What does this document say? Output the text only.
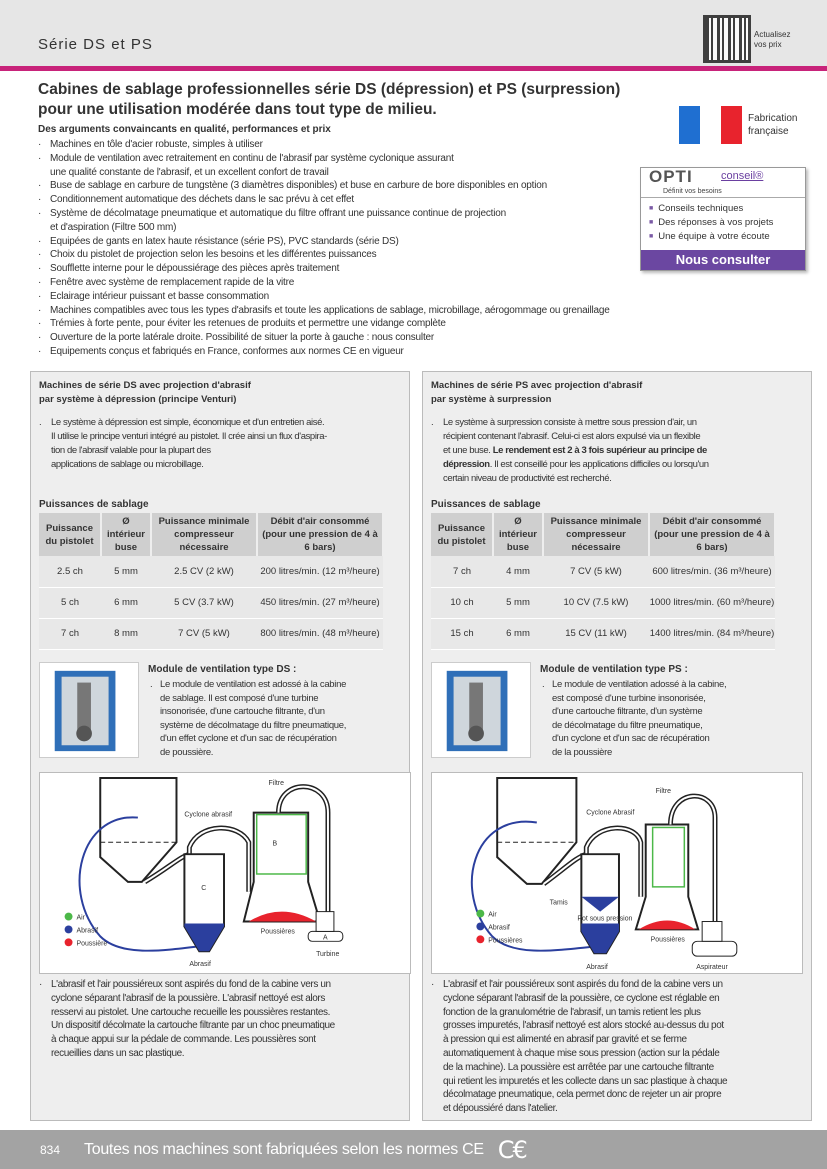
Série DS et PS
Actualisez vos prix
Cabines de sablage professionnelles série DS (dépression) et PS (surpression) pour une utilisation modérée dans tout type de milieu.
Des arguments convaincants en qualité, performances et prix
· Machines en tôle d'acier robuste, simples à utiliser
· Module de ventilation avec retraitement en continu de l'abrasif par système cyclonique assurant
une qualité constante de l'abrasif, et un excellent confort de travail
· Buse de sablage en carbure de tungstène (3 diamètres disponibles) et buse en carbure de bore disponibles en option
· Conditionnement automatique des déchets dans le sac prévu à cet effet
· Système de décolmatage pneumatique et automatique du filtre offrant une puissance continue de projection
et d'aspiration (Filtre 500 mm)
· Equipées de gants en latex haute résistance (série PS), PVC standards (série DS)
· Choix du pistolet de projection selon les besoins et les différentes puissances
· Soufflette interne pour le dépoussiérage des pièces après traitement
· Fenêtre avec système de remplacement rapide de la vitre
· Eclairage intérieur puissant et basse consommation
· Machines compatibles avec tous les types d'abrasifs et toute les applications de sablage, microbillage, aérogommage ou grenaillage
· Trémies à forte pente, pour éviter les retenues de produits et permettre une vidange complète
· Ouverture de la porte latérale droite. Possibilité de situer la porte à gauche : nous consulter
· Equipements conçus et fabriqués en France, conformes aux normes CE en vigueur
Fabrication française
OPTI	conseil®
Définit vos besoins
■ Conseils techniques
■ Des réponses à vos projets
■ Une équipe à votre écoute
Nous consulter
Machines de série DS avec projection d'abrasif
par système à dépression (principe Venturi)
. Le système à dépression est simple, économique et d'un entretien aisé.
Il utilise le principe venturi intégré au pistolet. Il crée ainsi un flux d'aspira-
tion de l'abrasif valable pour la plupart des
applications de sablage ou microbillage.
Puissances de sablage
Puissance du pistolet	Ø intérieur buse	Puissance minimale compresseur nécessaire	Débit d'air consommé (pour une pression de 4 à 6 bars)
2.5 ch	5 mm	2.5 CV (2 kW)	200 litres/min. (12 m³/heure)
5 ch	6 mm	5 CV (3.7 kW)	450 litres/min. (27 m³/heure)
7 ch	8 mm	7 CV (5 kW)	800 litres/min. (48 m³/heure)
Module de ventilation type DS :
. Le module de ventilation est adossé à la cabine
de sablage. Il est composé d'une turbine
insonorisée, d'une cartouche filtrante, d'un
système de décolmatage du filtre pneumatique,
d'un effet cyclone et d'un sac de récupération
de poussière.
Air
Abrasif
Poussière
Filtre
Cyclone abrasif
B
C
A
Poussières
Turbine
Abrasif
· L'abrasif et l'air poussiéreux sont aspirés du fond de la cabine vers un
cyclone séparant l'abrasif de la poussière. L'abrasif nettoyé est alors
resservi au pistolet. Une cartouche recueille les poussières restantes.
Un dispositif décolmate la cartouche filtrante par un choc pneumatique
à chaque appui sur la pédale de commande. Les poussières sont
recueillies dans un sac plastique.
Machines de série PS avec projection d'abrasif
par système à surpression
. Le système à surpression consiste à mettre sous pression d'air, un
récipient contenant l'abrasif. Celui-ci est alors expulsé via un flexible
et une buse. Le rendement est 2 à 3 fois supérieur au principe de
dépression. Il est conseillé pour les applications difficiles ou lorsqu'un
certain niveau de productivité est recherché.
Puissances de sablage
Puissance du pistolet	Ø intérieur buse	Puissance minimale compresseur nécessaire	Débit d'air consommé (pour une pression de 4 à 6 bars)
7 ch	4 mm	7 CV (5 kW)	600 litres/min. (36 m³/heure)
10 ch	5 mm	10 CV (7.5 kW)	1000 litres/min. (60 m³/heure)
15 ch	6 mm	15 CV (11 kW)	1400 litres/min. (84 m³/heure)
Module de ventilation type PS :
. Le module de ventilation adossé à la cabine,
est composé d'une turbine insonorisée,
d'une cartouche filtrante, d'un système
de décolmatage du filtre pneumatique,
d'un cyclone et d'un sac de récupération
de la poussière
Air
Abrasif
Poussières
Filtre
Cyclone Abrasif
Tamis
Pot sous pression
Poussières
Aspirateur
Abrasif
· L'abrasif et l'air poussiéreux sont aspirés du fond de la cabine vers un
cyclone séparant l'abrasif de la poussière, ce cyclone est réglable en
fonction de la granulométrie de l'abrasif, un tamis retient les plus
grosses impuretés, l'abrasif nettoyé est alors stocké au-dessus du pot
à pression qui est alimenté en abrasif par gravité et se ferme
automatiquement à chaque mise sous pression (action sur la pédale
de la machine). La poussière est arrêtée par une cartouche filtrante
qui retient les impuretés et les collecte dans un sac plastique à chaque
décolmatage pneumatique, cela permet donc de rejeter un air propre
et dépoussiéré dans l'atelier.
834 Toutes nos machines sont fabriquées selon les normes CE C€
